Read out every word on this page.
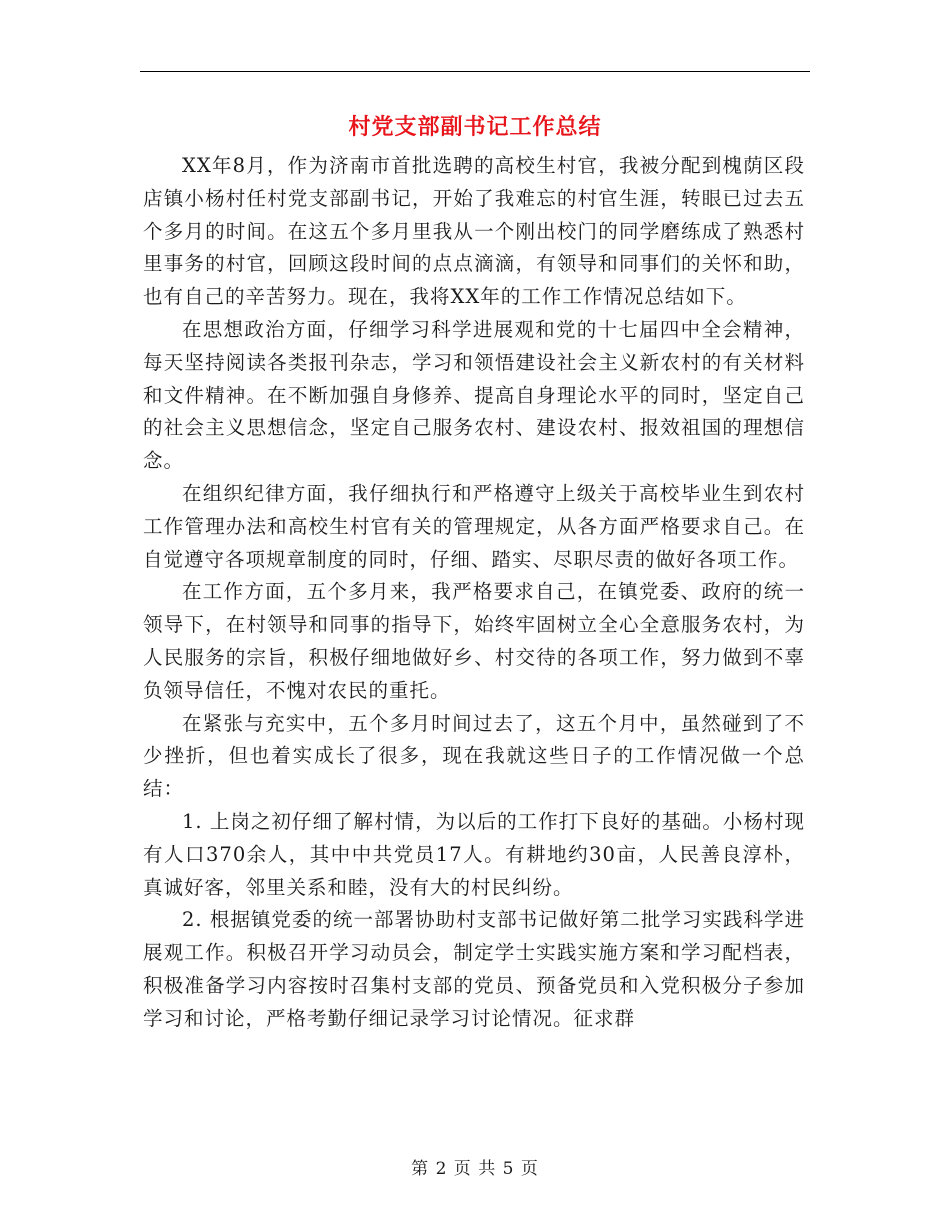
村党支部副书记工作总结

XX年8月，作为济南市首批选聘的高校生村官，我被分配到槐荫区段店镇小杨村任村党支部副书记，开始了我难忘的村官生涯，转眼已过去五个多月的时间。在这五个多月里我从一个刚出校门的同学磨练成了熟悉村里事务的村官，回顾这段时间的点点滴滴，有领导和同事们的关怀和助，也有自己的辛苦努力。现在，我将XX年的工作工作情况总结如下。

在思想政治方面，仔细学习科学进展观和党的十七届四中全会精神，每天坚持阅读各类报刊杂志，学习和领悟建设社会主义新农村的有关材料和文件精神。在不断加强自身修养、提高自身理论水平的同时，坚定自己的社会主义思想信念，坚定自己服务农村、建设农村、报效祖国的理想信念。

在组织纪律方面，我仔细执行和严格遵守上级关于高校毕业生到农村工作管理办法和高校生村官有关的管理规定，从各方面严格要求自己。在自觉遵守各项规章制度的同时，仔细、踏实、尽职尽责的做好各项工作。

在工作方面，五个多月来，我严格要求自己，在镇党委、政府的统一领导下，在村领导和同事的指导下，始终牢固树立全心全意服务农村，为人民服务的宗旨，积极仔细地做好乡、村交待的各项工作，努力做到不辜负领导信任，不愧对农民的重托。

在紧张与充实中，五个多月时间过去了，这五个月中，虽然碰到了不少挫折，但也着实成长了很多，现在我就这些日子的工作情况做一个总结：

1. 上岗之初仔细了解村情，为以后的工作打下良好的基础。小杨村现有人口370余人，其中中共党员17人。有耕地约30亩，人民善良淳朴，真诚好客，邻里关系和睦，没有大的村民纠纷。

2. 根据镇党委的统一部署协助村支部书记做好第二批学习实践科学进展观工作。积极召开学习动员会，制定学士实践实施方案和学习配档表，积极准备学习内容按时召集村支部的党员、预备党员和入党积极分子参加学习和讨论，严格考勤仔细记录学习讨论情况。征求群

第 2 页 共 5 页
